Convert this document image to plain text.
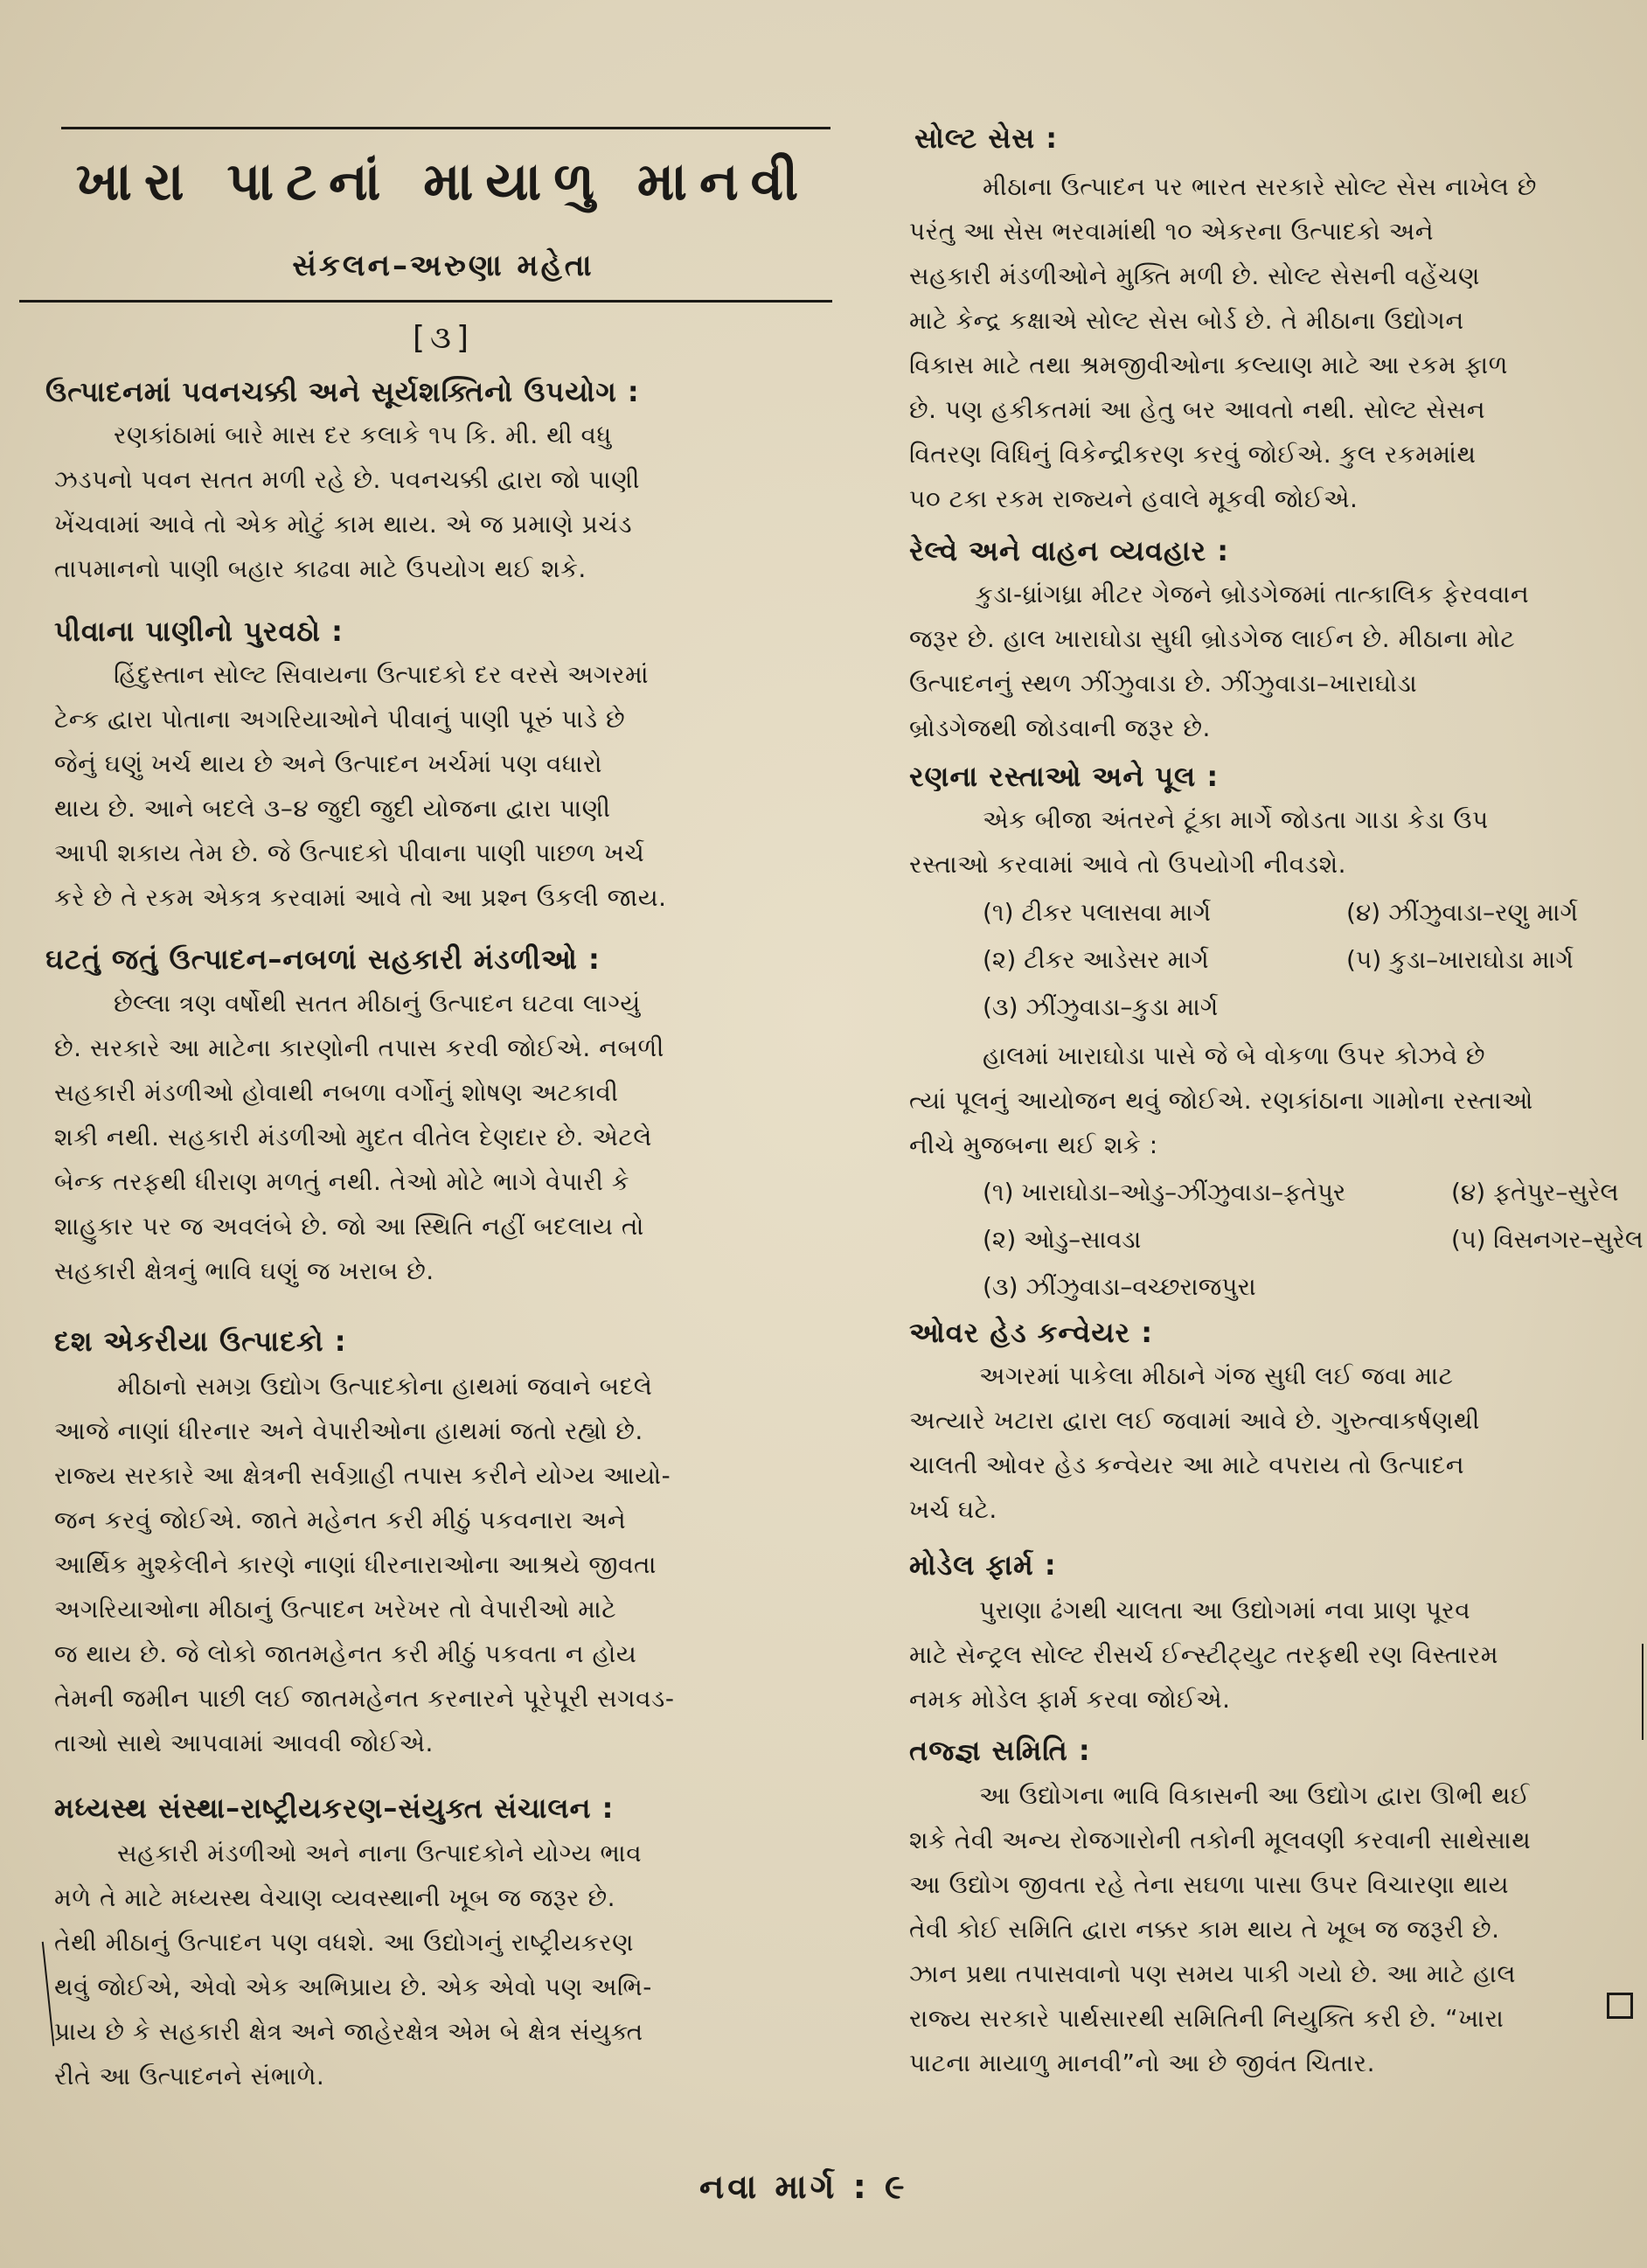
ખારા પાટનાં માયાળુ માનવી
સંકલન–અરુણા મહેતા
[૩]
ઉત્પાદનમાં પવનચક્કી અને સૂર્યશક્તિનો ઉપયોગ :
રણકાંઠામાં બારે માસ દર કલાકે ૧૫ કિ. મી. થી વધુ
ઝડપનો પવન સતત મળી રહે છે. પવનચક્કી દ્વારા જો પાણી
ખેંચવામાં આવે તો એક મોટું કામ થાય. એ જ પ્રમાણે પ્રચંડ
તાપમાનનો પાણી બહાર કાઢવા માટે ઉપયોગ થઈ શકે.
પીવાના પાણીનો પુરવઠો :
હિંદુસ્તાન સોલ્ટ સિવાયના ઉત્પાદકો દર વરસે અગરમાં
ટેન્ક દ્વારા પોતાના અગરિયાઓને પીવાનું પાણી પૂરું પાડે છે
જેનું ઘણું ખર્ચ થાય છે અને ઉત્પાદન ખર્ચમાં પણ વધારો
થાય છે. આને બદલે ૩–૪ જુદી જુદી યોજના દ્વારા પાણી
આપી શકાય તેમ છે. જે ઉત્પાદકો પીવાના પાણી પાછળ ખર્ચ
કરે છે તે રકમ એકત્ર કરવામાં આવે તો આ પ્રશ્ન ઉકલી જાય.
ઘટતું જતું ઉત્પાદન–નબળાં સહકારી મંડળીઓ :
છેલ્લા ત્રણ વર્ષોથી સતત મીઠાનું ઉત્પાદન ઘટવા લાગ્યું
છે. સરકારે આ માટેના કારણોની તપાસ કરવી જોઈએ. નબળી
સહકારી મંડળીઓ હોવાથી નબળા વર્ગોનું શોષણ અટકાવી
શકી નથી. સહકારી મંડળીઓ મુદત વીતેલ દેણદાર છે. એટલે
બેન્ક તરફથી ધીરાણ મળતું નથી. તેઓ મોટે ભાગે વેપારી કે
શાહુકાર પર જ અવલંબે છે. જો આ સ્થિતિ નહીં બદલાય તો
સહકારી ક્ષેત્રનું ભાવિ ઘણું જ ખરાબ છે.
દશ એકરીયા ઉત્પાદકો :
મીઠાનો સમગ્ર ઉદ્યોગ ઉત્પાદકોના હાથમાં જવાને બદલે
આજે નાણાં ધીરનાર અને વેપારીઓના હાથમાં જતો રહ્યો છે.
રાજ્ય સરકારે આ ક્ષેત્રની સર્વગ્રાહી તપાસ કરીને યોગ્ય આયો-
જન કરવું જોઈએ. જાતે મહેનત કરી મીઠું પકવનારા અને
આર્થિક મુશ્કેલીને કારણે નાણાં ધીરનારાઓના આશ્રયે જીવતા
અગરિયાઓના મીઠાનું ઉત્પાદન ખરેખર તો વેપારીઓ માટે
જ થાય છે. જે લોકો જાતમહેનત કરી મીઠું પકવતા ન હોય
તેમની જમીન પાછી લઈ જાતમહેનત કરનારને પૂરેપૂરી સગવડ-
તાઓ સાથે આપવામાં આવવી જોઈએ.
મધ્યસ્થ સંસ્થા–રાષ્ટ્રીયકરણ–સંયુક્ત સંચાલન :
સહકારી મંડળીઓ અને નાના ઉત્પાદકોને યોગ્ય ભાવ
મળે તે માટે મધ્યસ્થ વેચાણ વ્યવસ્થાની ખૂબ જ જરૂર છે.
તેથી મીઠાનું ઉત્પાદન પણ વધશે. આ ઉદ્યોગનું રાષ્ટ્રીયકરણ
થવું જોઈએ, એવો એક અભિપ્રાય છે. એક એવો પણ અભિ-
પ્રાય છે કે સહકારી ક્ષેત્ર અને જાહેરક્ષેત્ર એમ બે ક્ષેત્ર સંયુક્ત
રીતે આ ઉત્પાદનને સંભાળે.
સોલ્ટ સેસ :
મીઠાના ઉત્પાદન પર ભારત સરકારે સોલ્ટ સેસ નાખેલ છે
પરંતુ આ સેસ ભરવામાંથી ૧૦ એકરના ઉત્પાદકો અને
સહકારી મંડળીઓને મુક્તિ મળી છે. સોલ્ટ સેસની વહેંચણ
માટે કેન્દ્ર કક્ષાએ સોલ્ટ સેસ બોર્ડ છે. તે મીઠાના ઉદ્યોગન
વિકાસ માટે તથા શ્રમજીવીઓના કલ્યાણ માટે આ રકમ ફાળ
છે. પણ હકીકતમાં આ હેતુ બર આવતો નથી. સોલ્ટ સેસન
વિતરણ વિધિનું વિકેન્દ્રીકરણ કરવું જોઈએ. કુલ રકમમાંથ
૫૦ ટકા રકમ રાજ્યને હવાલે મૂકવી જોઈએ.
રેલ્વે અને વાહન વ્યવહાર :
કુડા-ધ્રાંગધ્રા મીટર ગેજને બ્રોડગેજમાં તાત્કાલિક ફેરવવાન
જરૂર છે. હાલ ખારાઘોડા સુધી બ્રોડગેજ લાઈન છે. મીઠાના મોટ
ઉત્પાદનનું સ્થળ ઝીંઝુવાડા છે. ઝીંઝુવાડા–ખારાઘોડા
બ્રોડગેજથી જોડવાની જરૂર છે.
રણના રસ્તાઓ અને પૂલ :
એક બીજા અંતરને ટૂંકા માર્ગે જોડતા ગાડા કેડા ઉપ
રસ્તાઓ કરવામાં આવે તો ઉપયોગી નીવડશે.
(૧) ટીકર પલાસવા માર્ગ	(૪) ઝીંઝુવાડા–રણુ માર્ગ
(૨) ટીકર આડેસર માર્ગ	(૫) કુડા–ખારાઘોડા માર્ગ
(૩) ઝીંઝુવાડા–કુડા માર્ગ
હાલમાં ખારાઘોડા પાસે જે બે વોકળા ઉપર કોઝવે છે
ત્યાં પૂલનું આયોજન થવું જોઈએ. રણકાંઠાના ગામોના રસ્તાઓ
નીચે મુજબના થઈ શકે :
(૧) ખારાઘોડા–ઓડુ–ઝીંઝુવાડા–ફતેપુર	(૪) ફતેપુર–સુરેલ
(૨) ઓડુ–સાવડા	(૫) વિસનગર–સુરેલ
(૩) ઝીંઝુવાડા–વચ્છરાજપુરા
ઓવર હેડ કન્વેયર :
અગરમાં પાકેલા મીઠાને ગંજ સુધી લઈ જવા માટ
અત્યારે ખટારા દ્વારા લઈ જવામાં આવે છે. ગુરુત્વાકર્ષણથી
ચાલતી ઓવર હેડ કન્વેયર આ માટે વપરાય તો ઉત્પાદન
ખર્ચ ઘટે.
મોડેલ ફાર્મ :
પુરાણા ઢંગથી ચાલતા આ ઉદ્યોગમાં નવા પ્રાણ પૂરવ
માટે સેન્ટ્રલ સોલ્ટ રીસર્ચ ઈન્સ્ટીટ્યુટ તરફથી રણ વિસ્તારમ
નમક મોડેલ ફાર્મ કરવા જોઈએ.
તજ્જ્ઞ સમિતિ :
આ ઉદ્યોગના ભાવિ વિકાસની આ ઉદ્યોગ દ્વારા ઊભી થઈ
શકે તેવી અન્ય રોજગારોની તકોની મૂલવણી કરવાની સાથેસાથ
આ ઉદ્યોગ જીવતા રહે તેના સઘળા પાસા ઉપર વિચારણા થાય
તેવી કોઈ સમિતિ દ્વારા નક્કર કામ થાય તે ખૂબ જ જરૂરી છે.
ઝાન પ્રથા તપાસવાનો પણ સમય પાકી ગયો છે. આ માટે હાલ
રાજ્ય સરકારે પાર્થસારથી સમિતિની નિયુક્તિ કરી છે. “ખારા
પાટના માયાળુ માનવી”નો આ છે જીવંત ચિતાર.
નવા માર્ગ : ૯
